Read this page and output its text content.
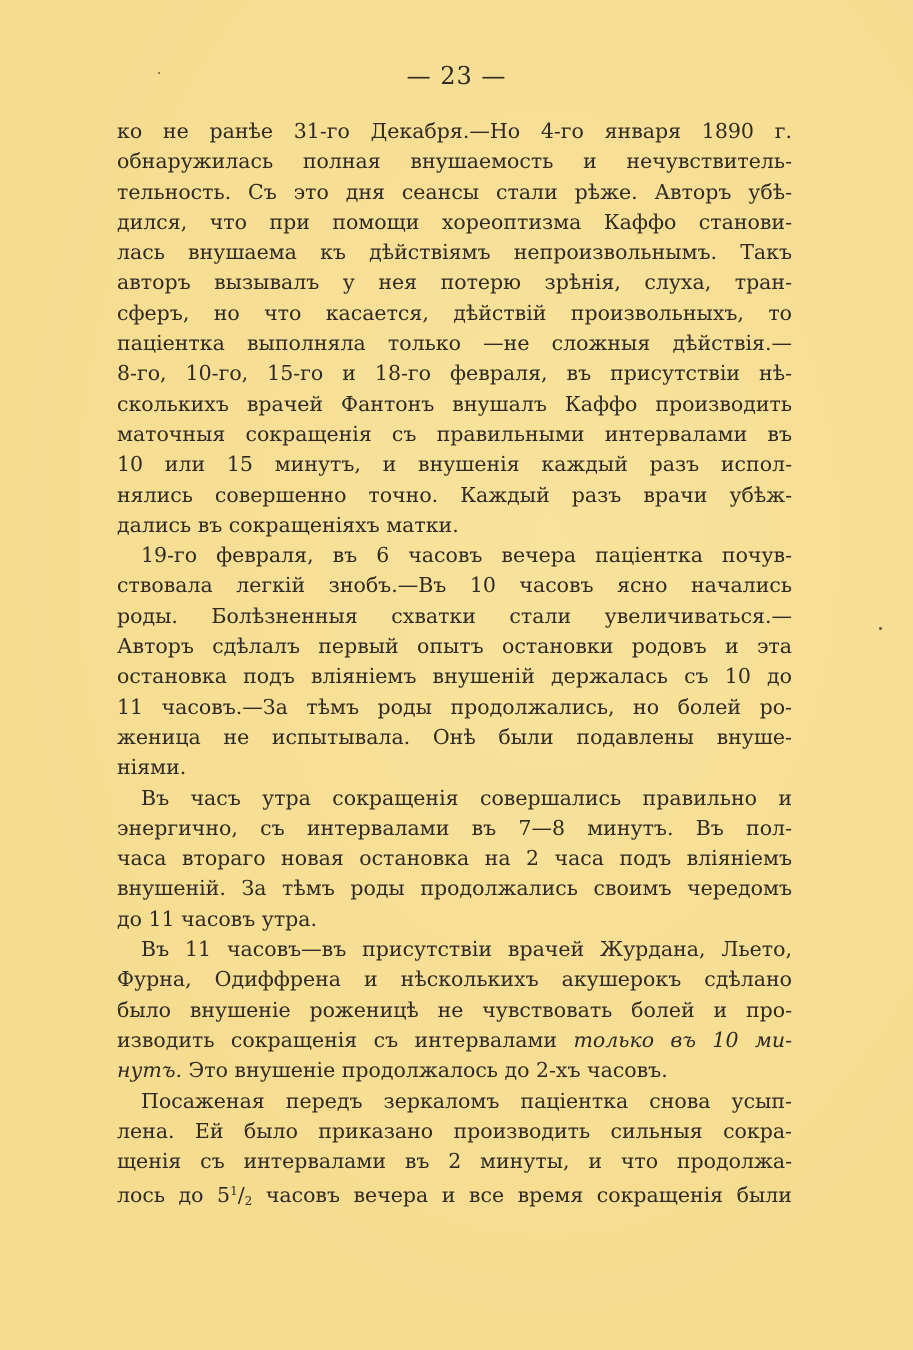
— 23 —
ко не ранѣе 31-го Декабря.—Но 4-го января 1890 г.
обнаружилась полная внушаемость и нечувствитель-
тельность. Съ это дня сеансы стали рѣже. Авторъ убѣ-
дился, что при помощи хореоптизма Каффо станови-
лась внушаема къ дѣйствіямъ непроизвольнымъ. Такъ
авторъ вызывалъ у нея потерю зрѣнія, слуха, тран-
сферъ, но что касается, дѣйствій произвольныхъ, то
паціентка выполняла только —не сложныя дѣйствія.—
8-го, 10-го, 15-го и 18-го февраля, въ присутствіи нѣ-
сколькихъ врачей Фантонъ внушалъ Каффо производить
маточныя сокращенія съ правильными интервалами въ
10 или 15 минутъ, и внушенія каждый разъ испол-
нялись совершенно точно. Каждый разъ врачи убѣж-
дались въ сокращеніяхъ матки.
19-го февраля, въ 6 часовъ вечера паціентка почув-
ствовала легкій знобъ.—Въ 10 часовъ ясно начались
роды. Болѣзненныя схватки стали увеличиваться.—
Авторъ сдѣлалъ первый опытъ остановки родовъ и эта
остановка подъ вліяніемъ внушеній держалась съ 10 до
11 часовъ.—За тѣмъ роды продолжались, но болей ро-
женица не испытывала. Онѣ были подавлены внуше-
ніями.
Въ часъ утра сокращенія совершались правильно и
энергично, съ интервалами въ 7—8 минутъ. Въ пол-
часа втораго новая остановка на 2 часа подъ вліяніемъ
внушеній. За тѣмъ роды продолжались своимъ чередомъ
до 11 часовъ утра.
Въ 11 часовъ—въ присутствіи врачей Журдана, Льето,
Фурна, Одиффрена и нѣсколькихъ акушерокъ сдѣлано
было внушеніе роженицѣ не чувствовать болей и про-
изводить сокращенія съ интервалами только въ 10 ми-
нутъ. Это внушеніе продолжалось до 2-хъ часовъ.
Посаженая передъ зеркаломъ паціентка снова усып-
лена. Ей было приказано производить сильныя сокра-
щенія съ интервалами въ 2 минуты, и что продолжа-
лось до $5^1/_2$ часовъ вечера и все время сокращенія были
